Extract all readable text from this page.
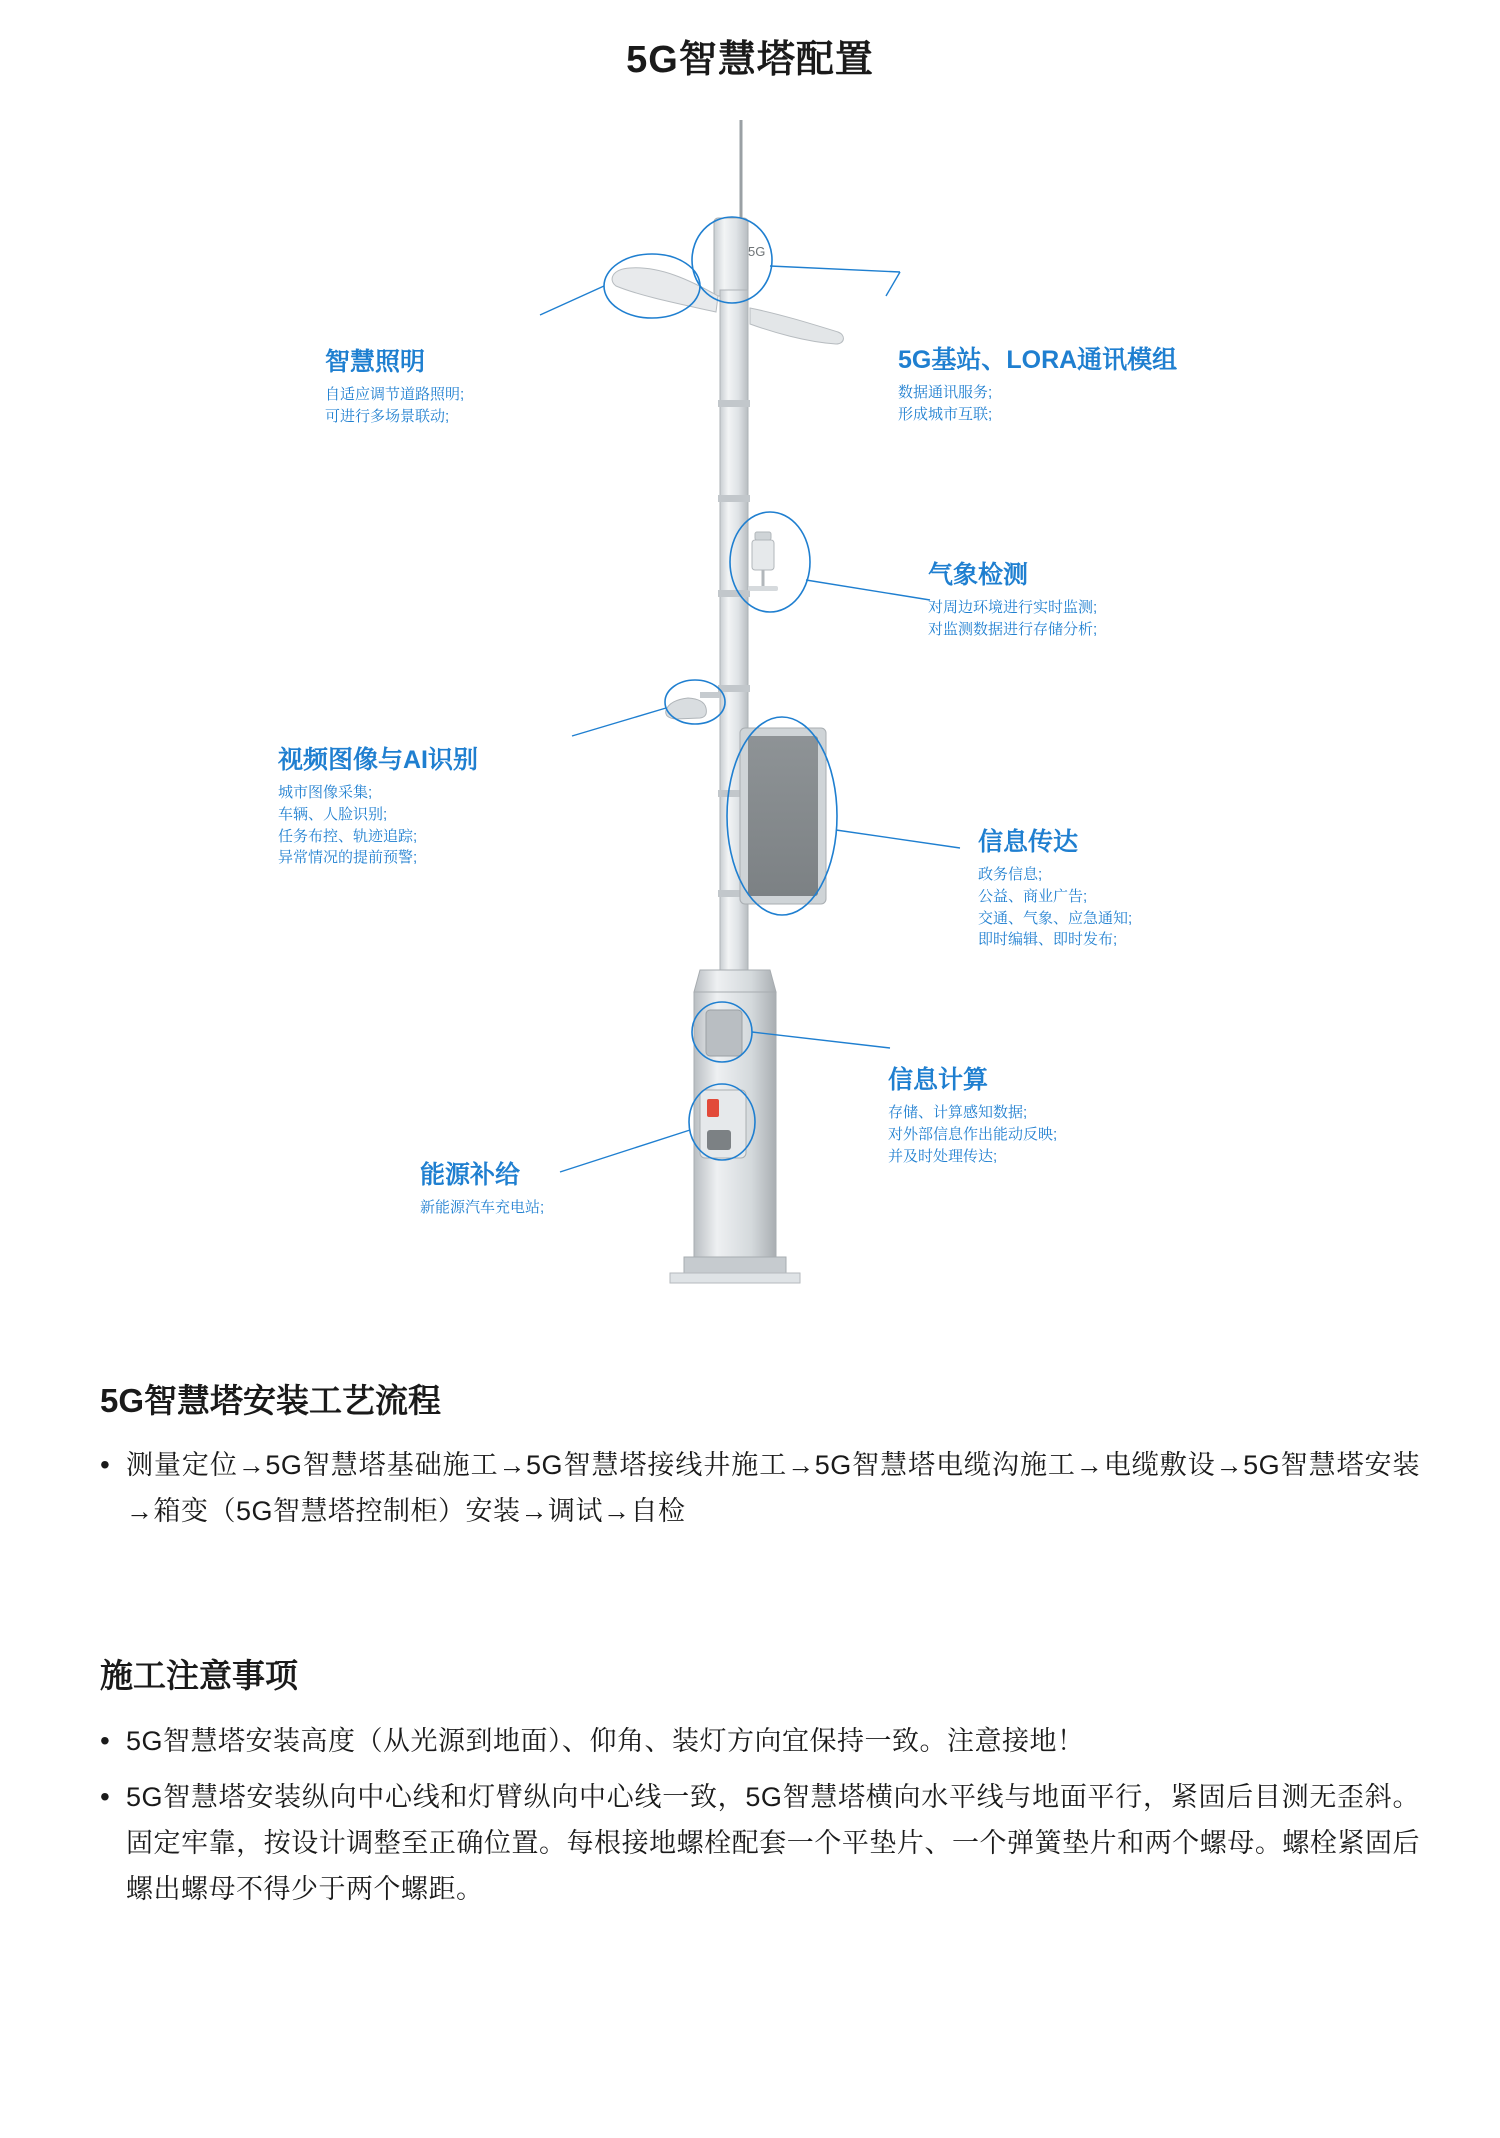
5G智慧塔配置
5G
5G基站、LORA通讯模组
数据通讯服务;
形成城市互联;
智慧照明
自适应调节道路照明;
可进行多场景联动;
气象检测
对周边环境进行实时监测;
对监测数据进行存储分析;
视频图像与AI识别
城市图像采集;
车辆、人脸识别;
任务布控、轨迹追踪;
异常情况的提前预警;
信息传达
政务信息;
公益、商业广告;
交通、气象、应急通知;
即时编辑、即时发布;
信息计算
存储、计算感知数据;
对外部信息作出能动反映;
并及时处理传达;
能源补给
新能源汽车充电站;
5G智慧塔安装工艺流程
• 测量定位→5G智慧塔基础施工→5G智慧塔接线井施工→5G智慧塔电缆沟施工→电缆敷设→5G智慧塔安装→箱变（5G智慧塔控制柜）安装→调试→自检
施工注意事项
• 5G智慧塔安装高度（从光源到地面）、仰角、装灯方向宜保持一致。注意接地！
• 5G智慧塔安装纵向中心线和灯臂纵向中心线一致，5G智慧塔横向水平线与地面平行，紧固后目测无歪斜。固定牢靠，按设计调整至正确位置。每根接地螺栓配套一个平垫片、一个弹簧垫片和两个螺母。螺栓紧固后螺出螺母不得少于两个螺距。
